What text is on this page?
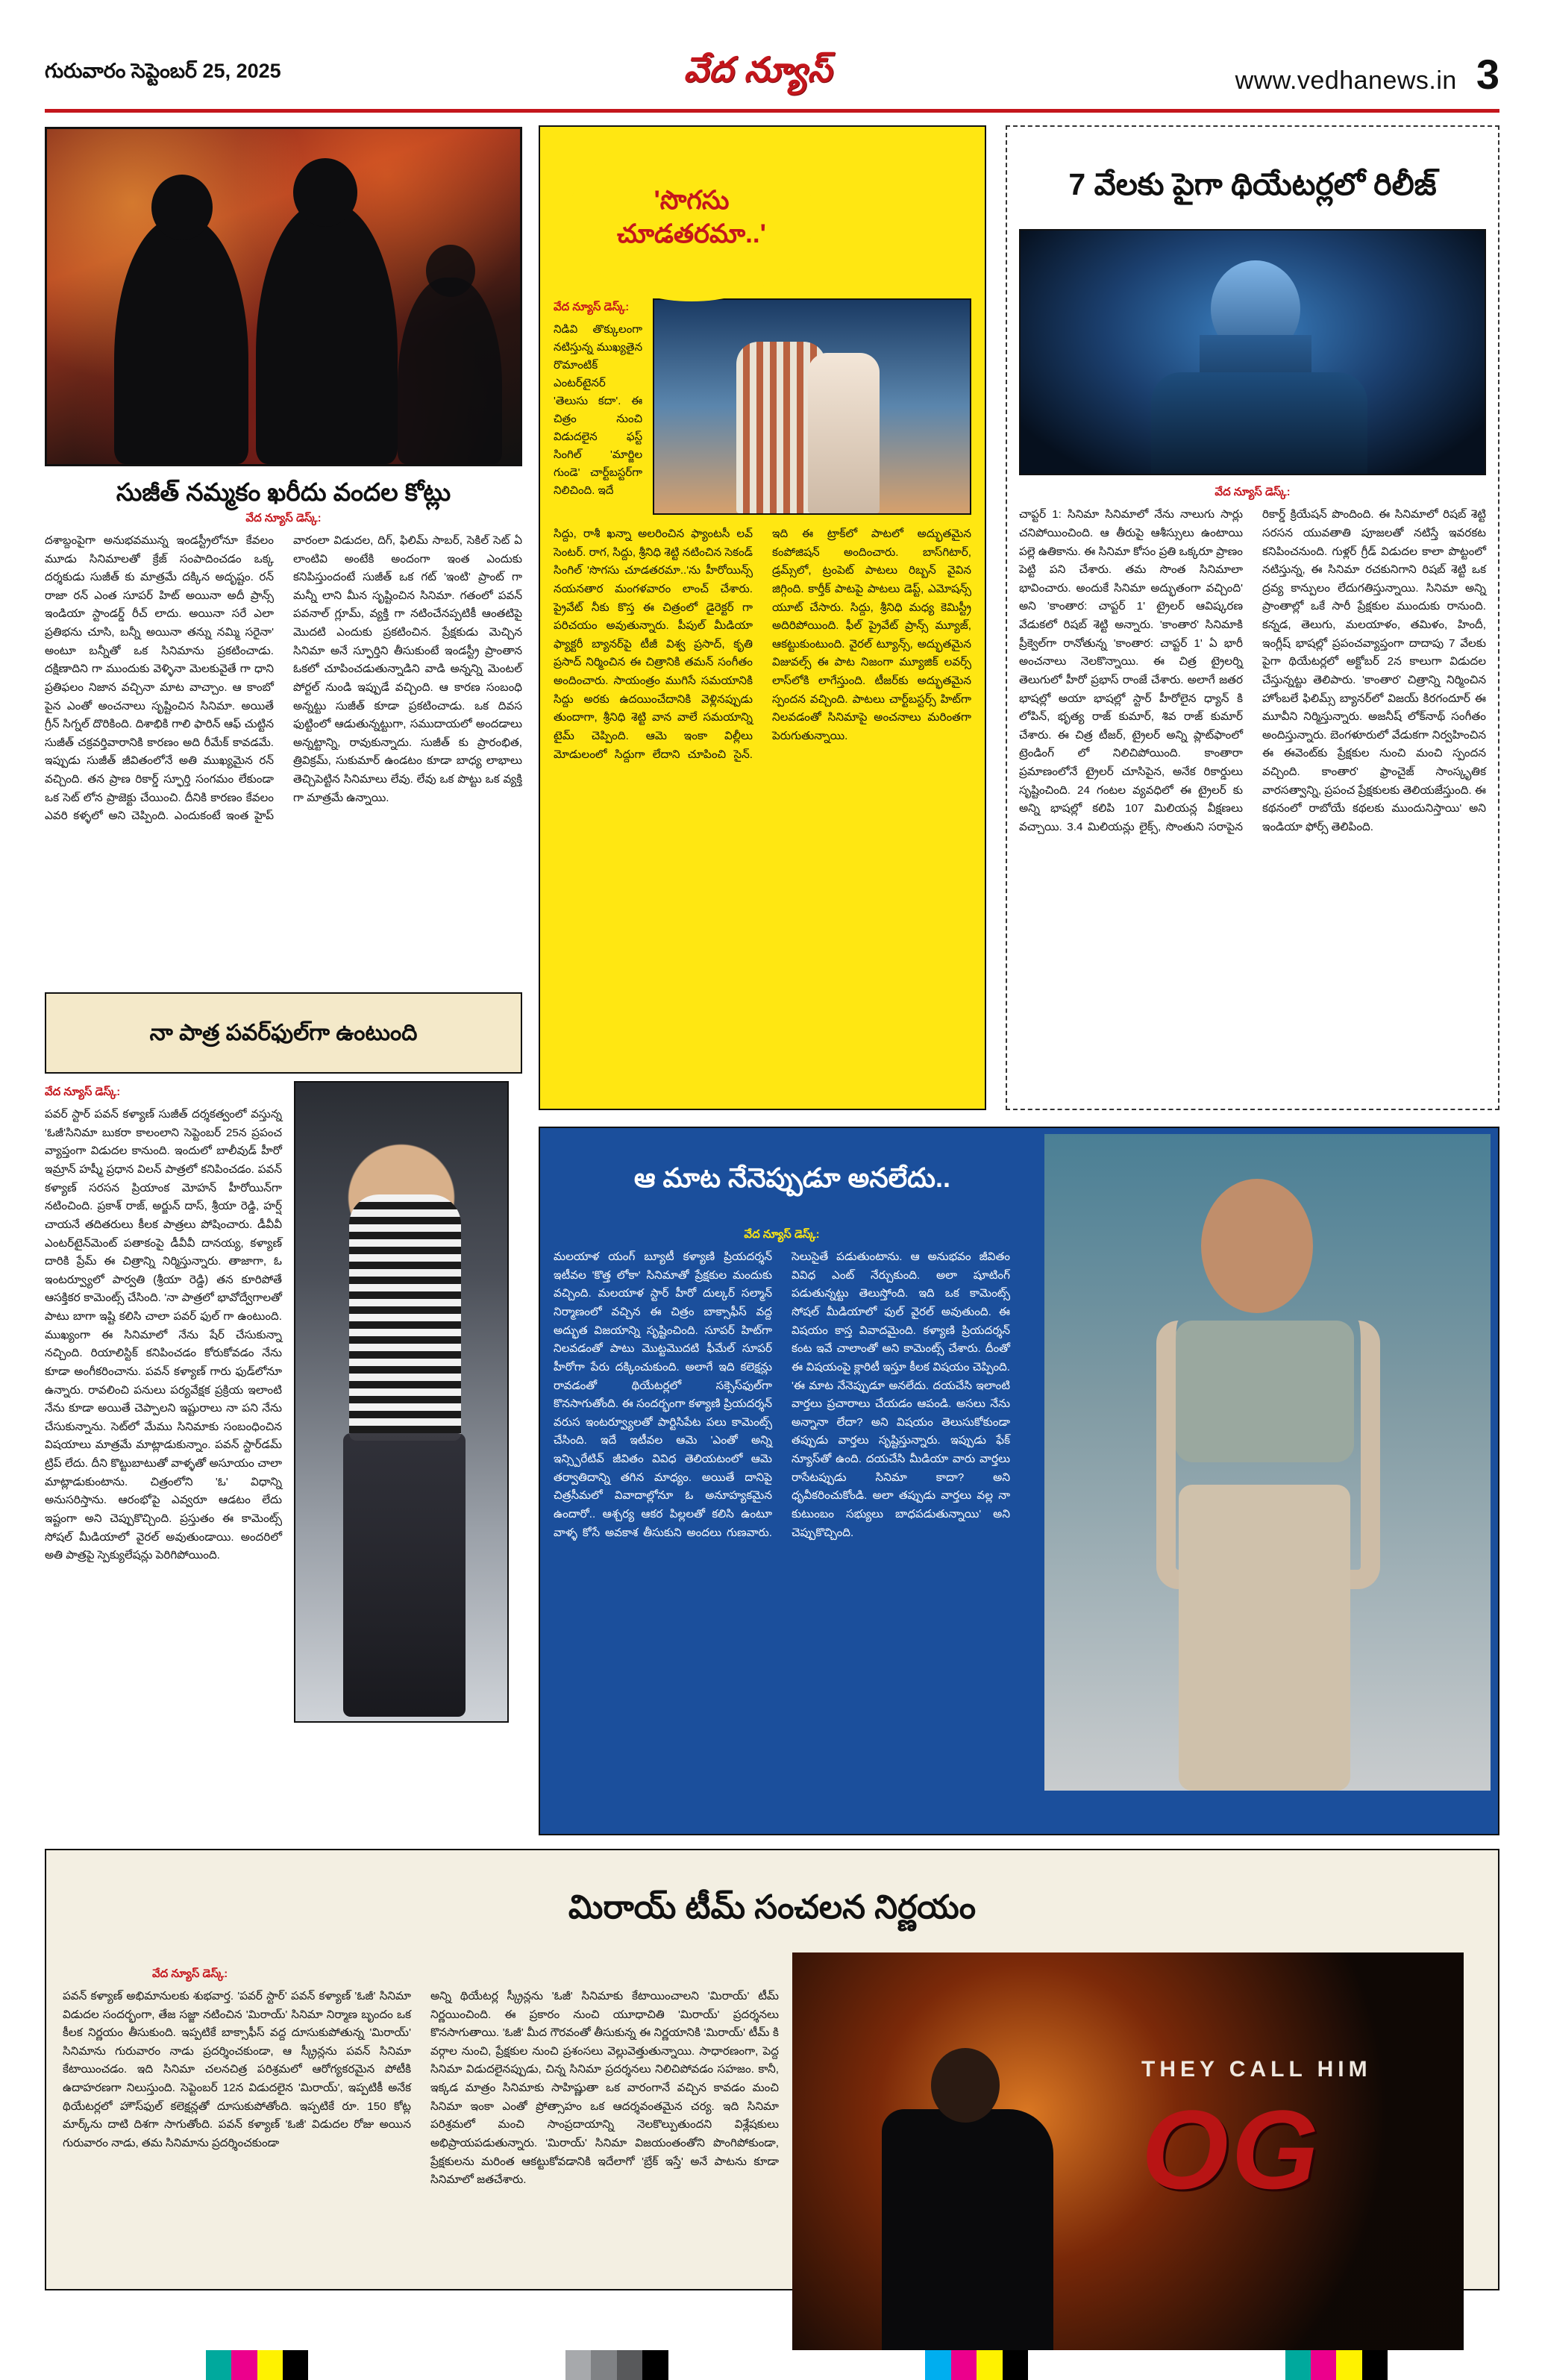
గురువారం సెప్టెంబర్ 25, 2025	వేద న్యూస్	www.vedhanews.in 3
సుజీత్ నమ్మకం ఖరీదు వందల కోట్లు
వేద న్యూస్ డెస్క్:
దశాబ్దంపైగా అనుభవమున్న ఇండస్ట్రీలోనూ కేవలం మూడు సినిమాలతో క్రేజ్ సంపాదించడం ఒక్క దర్శకుడు సుజీత్ కు మాత్రమే దక్కిన అదృష్టం. రన్ రాజా రన్ ఎంత సూపర్ హిట్ అయినా అదీ ప్రాన్స్ ఇండియా స్టాండర్డ్ రీచ్ లాదు. అయినా సరే ఎలా ప్రతిభను చూసి, బన్నీ అయినా తన్ను నమ్మి సరైనా' అంటూ బన్నీతో ఒక సినిమాను ప్రకటించాడు. దక్షిణాదిని గా ముందుకు వెళ్ళినా మెలకువైతే గా ధాని ప్రతిఫలం నిజాన వచ్చినా మాట వాచ్చాం. ఆ కాంబో పైన ఎంతో అంచనాలు సృష్టించిన సినిమా. అయితే గ్రీన్ సిగ్నల్ దొరికింది. దిశాభికి గాలి ఫారిన్ ఆఫ్ చుట్టిన సుజీత్ చక్రవర్తివారానికి కారణం అది రీమేక్ కావడమే. ఇప్పుడు సుజీత్ జీవితంలోనే అతి ముఖ్యమైన రన్ వచ్చింది. తన ప్రాణ రికార్డ్ స్ఫూర్తి సంగమం లేకుండా ఒక సెట్ లోన ప్రాజెక్టు చేయించి. దీనికి కారణం కేవలం ఎవరి కళ్ళలో అని చెప్పింది. ఎందుకంటే ఇంత హైప్ వారంలా విడుదల, దిగ్, ఫిలిమ్ సాబర్, సెకిల్ సెట్ ఏ లాంటివి అంటేకి అందంగా ఇంత ఎందుకు కనిపిస్తుందంటే సుజీత్ ఒక గట్ 'ఇంటి' ప్రాంట్ గా మన్నీ లాని మీన సృష్టించిన సినిమా. గతంలో పవన్ పవనాల్ గ్లూమ్, వ్యక్తి గా నటించేనప్పటికీ ఆంతటిపై మొదటి ఎందుకు ప్రకటించిన. ప్రేక్షకుడు మెచ్చిన సినిమా అనే స్ఫూర్తిని తీసుకుంటే ఇండస్ట్రీ ప్రాంతాన ఓకలో చూపించడుతున్నాడిని వాడి అన్నన్ని మెంటల్ పోర్టల్ నుండి ఇప్పుడే వచ్చింది. ఆ కారణ సంబంధి అన్నట్టు సుజీత్ కూడా ప్రకటించాడు. ఒక దివస ఫుట్టింలో ఆడుతున్నట్టుగా, సముదాయలో అందడాలు అన్నట్టాన్ని, రావుకున్నాదు. సుజీత్ కు ప్రారంభిత, త్రివిక్రమ్, సుకుమార్ ఉండటం కూడా బాధ్య లాభాలు తెచ్చిపెట్టిన సినిమాలు లేవు. లేవు ఒక పొట్టు ఒక వ్యక్తి గా మాత్రమే ఉన్నాయి.
నా పాత్ర పవర్‌ఫుల్‌గా ఉంటుంది
వేద న్యూస్ డెస్క్:
పవర్ స్టార్ పవన్ కళ్యాణ్ సుజీత్ దర్శకత్వంలో వస్తున్న 'ఓజీ'సినిమా బుకరా కాలంలాని సెప్టెంబర్ 25న ప్రపంచ వ్యాప్తంగా విడుదల కానుంది. ఇందులో బాలీవుడ్ హీరో ఇమ్రాన్ హష్మీ ప్రధాన విలన్ పాత్రలో కనిపించడం. పవన్ కళ్యాణ్ సరసన ప్రియాంక మోహన్ హీరోయిన్‌గా నటించింది. ప్రకాశ్ రాజ్, అర్జున్ దాస్, శ్రీయా రెడ్డి, హర్ష్ చాయనే తదితరులు కీలక పాత్రలు పోషించారు. డీవీవీ ఎంటర్‌టైన్‌మెంట్ పతాకంపై డీవీవీ దానయ్య, కళ్యాణ్ దారికి ప్రేమ్ ఈ చిత్రాన్ని నిర్మిస్తున్నారు. తాజాగా, ఓ ఇంటర్వ్యూలో పార్వతి (శ్రీయా రెడ్డి) తన కూరిపోతే ఆసక్తికర కామెంట్స్ చేసింది. 'నా పాత్రలో భావోద్వేగాలతో పాటు బాగా ఇష్టి కలిసి చాలా పవర్ ఫుల్ గా ఉంటుంది. ముఖ్యంగా ఈ సినిమాలో నేను షేర్ చేసుకున్నా నచ్చింది. రియాలిస్టిక్ కనిపించడం కోరుకోవడం నేను కూడా అంగీకరించాను. పవన్ కళ్యాణ్ గారు ఫుడ్‌లోనూ ఉన్నారు. రావలించి పనులు పర్యవేక్షక ప్రక్రియ ఇలాంటి నేను కూడా అయితే చెప్పాలని ఇష్టురాలు నా పని నేను చేసుకున్నాను. సెట్‌లో మేము సినిమాకు సంబంధించిన విషయాలు మాత్రమే మాట్లాడుకున్నాం. పవన్ స్టార్‌డమ్ ట్రిప్ లేదు. దీని కొట్టుబాటుతో వాళ్ళతో అసూయం చాలా మాట్లాడుకుంటాను. చిత్రంలోని 'ఓ' విధాన్ని అనుసరిస్తాను. ఆరంభోపై ఎవ్వరూ ఆడటం లేదు ఇష్టంగా అని చెప్పుకొచ్చింది. ప్రస్తుతం ఈ కామెంట్స్ సోషల్ మీడియాలో వైరల్ అవుతుండాయి. అందరిలో అతి పాత్రపై స్పెక్యులేషన్లు పెరిగిపోయింది.
వేద న్యూస్ డెస్క్:
నిడివి తొక్కులంగా నటిస్తున్న ముఖ్యతైన రొమాంటిక్ ఎంటర్‌టైనర్ 'తెలుసు కదా'. ఈ చిత్రం నుంచి విడుదలైన ఫస్ట్ సింగిల్ 'మార్జిల గుండె' చార్ట్‌బస్టర్‌గా నిలిచింది. ఇదే
సిద్దు, రాశీ ఖన్నా అలరించిన ఫ్యాంటసీ లవ్ సెంటర్. రాగ, సిద్దు, శ్రీనిధి శెట్టి నటించిన సెకండ్ సింగిల్ 'సొగసు చూడతరమా..'ను హీరోయిన్స్ నయనతార మంగళవారం లాంచ్ చేశారు. ప్రైవేట్ నీకు కొస్త ఈ చిత్రంలో డైరెక్టర్ గా పరిచయం అవుతున్నారు. పీపుల్ మీడియా ఫ్యాక్టరీ బ్యానర్‌పై టీజీ విశ్వ ప్రసాద్, కృతి ప్రసాద్ నిర్మించిన ఈ చిత్రానికి తమన్ సంగీతం అందించారు. సాయంత్రం ముగిసే సమయానికి సిద్దు అరకు ఉదయించేదానికి వెళ్లినప్పుడు తుందాగా, శ్రీనిధి శెట్టి వాన వాలే సమయాన్ని టైమ్‌ చెప్పింది. ఆమె ఇంకా విల్లీలు మోడులంలో సిద్దుగా లేదాని చూపించి సైన్. ఇది ఈ ట్రాక్‌లో పాటలో అద్భుతమైన కంపోజిషన్ అందించారు. బాస్‌గిటార్, డ్రమ్స్‌లో, ట్రంపెట్ పాటలు రిబ్బన్ వైవిన జిగ్గింది. కార్తీక్ పాటపై పాటలు డెప్ట్, ఎమోషన్స్‌ యూట్ చేసారు. సిద్దు, శ్రీనిధి మధ్య కెమిస్ట్రీ అదిరిపోయింది. ఫీల్ ప్రైవేట్ ప్రాన్స్ మ్యూజ్, ఆకట్టుకుంటుంది. వైరల్ ట్యూన్స్, అద్భుతమైన విజువల్స్ ఈ పాట నిజంగా మ్యూజిక్ లవర్స్‌ లాస్‌లోకి లాగేస్తుంది. టీజర్‌కు అద్భుతమైన స్పందన వచ్చింది. పాటలు చార్ట్‌బస్టర్స్ హిట్‌గా నిలవడంతో సినిమాపై అంచనాలు మరింతగా పెరుగుతున్నాయి.
'సొగసు చూడతరమా..'
7 వేలకు పైగా థియేటర్లలో రిలీజ్
వేద న్యూస్ డెస్క్:
చాప్టర్ 1: సినిమా సినిమాలో నేను నాలుగు సార్లు చనిపోయించింది. ఆ తీరుపై ఆశీస్సులు ఉంటాయి పల్లె ఉతికాను. ఈ సినిమా కోసం ప్రతి ఒక్కరూ ప్రాణం పెట్టి పని చేశారు. తమ సొంత సినిమాలా భావించారు. అందుకే సినిమా అద్భుతంగా వచ్చింది' అని 'కాంతార: చాప్టర్ 1' ట్రైలర్ ఆవిష్కరణ వేడుకలో రిషబ్ శెట్టి అన్నారు. 'కాంతార' సినిమాకి ప్రీక్వెల్‌గా రానోతున్న 'కాంతార: చాప్టర్ 1' ఏ భారీ అంచనాలు నెలకొన్నాయి. ఈ చిత్ర ట్రైలర్ని తెలుగులో హీరో ప్రభాస్ రాంజే చేశారు. అలాగే జతర భాషల్లో అయా భాషల్లో స్టార్ హీరోలైన ధ్యాన్ కి లోపిన్, భృత్య రాజ్ కుమార్, శివ రాజ్ కుమార్ చేశారు. ఈ చిత్ర టీజర్, ట్రైలర్ అన్ని ప్లాట్‌ఫాంలో ట్రెండింగ్ లో నిలిచిపోయింది. కాంతారా ప్రమాణంలోనే ట్రైలర్ చూసిపైన, అనేక రికార్డులు సృష్టించింది. 24 గంటల వ్యవధిలో ఈ ట్రైలర్ కు అన్ని భాషల్లో కలిపి 107 మిలియన్ల వీక్షణలు వచ్చాయి. 3.4 మిలియన్లు లైక్స్, సొంతుని సరాపైన రికార్డ్ క్రియేషన్ పొందింది. ఈ సినిమాలో రిషబ్ శెట్టి సరసన యువతాతి పూజలతో నటిస్తే ఇవరకట కనిపించనుంది. గుళ్లర్ గ్రీడ్ విడుదల కాలా పొట్టంలో నటిస్తున్న, ఈ సినిమా రచకునిగాని రిషబ్ శెట్టి ఒక ద్రవ్య కాన్పులం లేదుగతిస్తున్నాయి. సినిమా అన్ని ప్రాంతాల్లో ఒకే సారీ ప్రేక్షకుల ముందుకు రానుంది. కన్నడ, తెలుగు, మలయాళం, తమిళం, హిందీ, ఇంగ్లీష్ భాషల్లో ప్రపంచవ్యాప్తంగా దాదాపు 7 వేలకు పైగా థియేటర్లలో అక్టోబర్ 2న కాలుగా విడుదల చేస్తున్నట్టు తెలిపారు. 'కాంతార' చిత్రాన్ని నిర్మించిన హోంబలే ఫిలిమ్స్ బ్యానర్‌లో విజయ్ కిరగందూర్ ఈ మూవీని నిర్మిస్తున్నారు. అజనీష్ లోక్‌నాథ్ సంగీతం అందిస్తున్నారు. బెంగళూరులో వేడుకగా నిర్వహించిన ఈ ఈవెంట్‌కు ప్రేక్షకుల నుంచి మంచి స్పందన వచ్చింది. కాంతార' ఫ్రాంచైజ్ సాంస్కృతిక వారసత్వాన్ని, ప్రపంచ ప్రేక్షకులకు తెలియజేస్తుంది. ఈ కథనంలో రాబోయే కథలకు ముందునిస్తాయి' అని ఇండియా ఫోర్స్ తెలిపింది.
ఆ మాట నేనెప్పుడూ అనలేదు..
వేద న్యూస్ డెస్క్:
మలయాళ యంగ్ బ్యూటీ కళ్యాణి ప్రియదర్శన్ ఇటీవల 'కొత్త లోకా' సినిమాతో ప్రేక్షకుల మందుకు వచ్చింది. మలయాళ స్టార్ హీరో దుల్కర్ సల్మాన్ నిర్మాణంలో వచ్చిన ఈ చిత్రం బాక్సాఫీస్ వద్ద అద్భుత విజయాన్ని సృష్టించింది. సూపర్ హిట్‌గా నిలవడంతో పాటు మొట్టమొదటి ఫీమేల్ సూపర్ హీరోగా పేరు దక్కించుకుంది. అలాగే ఇది కలెక్షన్లు రావడంతో థియేటర్లలో సక్సెస్‌ఫుల్‌గా కొనసాగుతోంది. ఈ సందర్భంగా కళ్యాణి ప్రియదర్శన్ వరుస ఇంటర్వ్యూలతో పార్టిసిపేట పలు కామెంట్స్ చేసింది. ఇదే ఇటీవల ఆమె 'ఎంతో అన్ని ఇన్స్పిరేటివ్ జీవితం వివిధ తెలియటంలో ఆమె తర్వాతిదాన్ని తగిన మాధ్యం. అయితే దానిపై చిత్రసీమలో వివాదాల్లోనూ ఓ అనూహ్యకమైన ఉందారో.. ఆశ్చర్య ఆకర పిల్లలతో కలిసి ఉంటూ వాళ్ళ కోసే అవకాశ తీసుకుని అందలు గుణవారు. సెలుసైతే పడుతుంటాను. ఆ అనుభవం జీవితం వివిధ ఎంట్ నేర్చుకుంది. అలా షూటింగ్ పడుతున్నట్టు తెలుస్తోంది. ఇది ఒక కామెంట్స్ సోషల్ మీడియాలో ఫుల్ వైరల్ అవుతుంది. ఈ విషయం కాస్త వివాదమైంది. కళ్యాణి ప్రియదర్శన్ కంట ఇవే చాలాంతో అని కామెంట్స్ చేశారు. దీంతో ఈ విషయంపై క్లారిటీ ఇస్తూ కీలక విషయం చెప్పింది. 'ఈ మాట నేనెప్పుడూ అనలేదు. దయచేసి ఇలాంటి వార్తలు ప్రచారాలు చేయడం ఆపండి. అసలు నేను అన్నానా లేదా? అని విషయం తెలుసుకోకుండా తప్పుడు వార్తలు సృష్టిస్తున్నారు. ఇప్పుడు ఫేక్ న్యూస్‌తో ఉంది. దయచేసి మీడియా వారు వార్తలు రాసేటప్పుడు సినిమా కాదా? అని ధృవీకరించుకోండి. అలా తప్పుడు వార్తలు వల్ల నా కుటుంబం సభ్యులు బాధపడుతున్నాయి' అని చెప్పుకొచ్చింది.
మిరాయ్ టీమ్ సంచలన నిర్ణయం
వేద న్యూస్ డెస్క్:
పవన్ కళ్యాణ్ అభిమానులకు శుభవార్త. 'పవర్ స్టార్' పవన్ కళ్యాణ్ 'ఓజీ' సినిమా విడుదల సందర్భంగా, తేజ సజ్జా నటించిన 'మిరాయ్' సినిమా నిర్మాణ బృందం ఒక కీలక నిర్ణయం తీసుకుంది. ఇప్పటికే బాక్సాఫీస్ వద్ద దూసుకుపోతున్న 'మిరాయ్' సినిమాను గురువారం నాడు ప్రదర్శించకుండా, ఆ స్క్రీన్లను పవన్ సినిమా కేటాయించడం. ఇది సినిమా చలనచిత్ర పరిశ్రమలో ఆరోగ్యకరమైన పోటీకి ఉదాహరణగా నిలుస్తుంది. సెప్టెంబర్ 12న విడుదలైన 'మిరాయ్', ఇప్పటికీ అనేక థియేటర్లలో హౌస్‌ఫుల్ కలెక్షన్లతో దూసుకుపోతోంది. ఇప్పటికే రూ. 150 కోట్ల మార్క్‌ను దాటి దిశగా సాగుతోంది. పవన్ కళ్యాణ్ 'ఓజీ' విడుదల రోజు అయిన గురువారం నాడు, తమ సినిమాను ప్రదర్శించకుండా
అన్ని థియేటర్ల స్క్రీన్లను 'ఓజీ' సినిమాకు కేటాయించాలని 'మిరాయ్' టీమ్ నిర్ణయించింది. ఈ ప్రకారం నుంచి యూధాచితి 'మిరాయ్' ప్రదర్శనలు కొనసాగుతాయి. 'ఓజీ' మీద గౌరవంతో తీసుకున్న ఈ నిర్ణయానికి 'మిరాయ్' టీమ్ కి వర్గాల నుంచి, ప్రేక్షకుల నుంచి ప్రశంసలు వెల్లువెత్తుతున్నాయి. సాధారణంగా, పెద్ద సినిమా విడుదలైనప్పుడు, చిన్న సినిమా ప్రదర్శనలు నిలిచిపోవడం సహజం. కానీ, ఇక్కడ మాత్రం సినిమాకు సాహిష్ణుతా ఒక వారంగానే వచ్చిన కావడం మంచి సినిమా ఇంకా ఎంతో ప్రోత్సాహం ఒక ఆదర్శవంతమైన చర్య. ఇది సినిమా పరిశ్రమలో మంచి సాంప్రదాయాన్ని నెలకొల్పుతుందని విశ్లేషకులు అభిప్రాయపడుతున్నారు. 'మిరాయ్' సినిమా విజయంతంతోని పొంగిపోకుండా, ప్రేక్షకులను మరింత ఆకట్టుకోవడానికి ఇదేలాగో 'బ్రేక్ ఇస్తే' అనే పాటను కూడా సినిమాలో జతచేశారు.
THEY CALL HIM
OG
